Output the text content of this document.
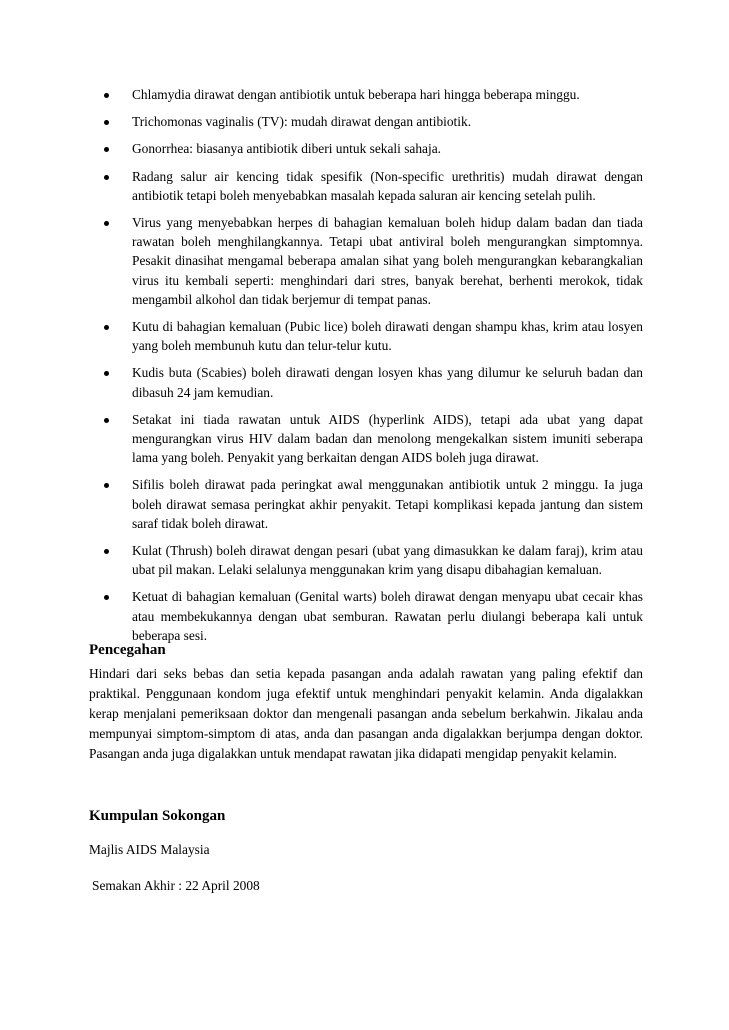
Chlamydia dirawat dengan antibiotik untuk beberapa hari hingga beberapa minggu.
Trichomonas vaginalis (TV): mudah dirawat dengan antibiotik.
Gonorrhea: biasanya antibiotik diberi untuk sekali sahaja.
Radang salur air kencing tidak spesifik (Non-specific urethritis) mudah dirawat dengan antibiotik tetapi boleh menyebabkan masalah kepada saluran air kencing setelah pulih.
Virus yang menyebabkan herpes di bahagian kemaluan boleh hidup dalam badan dan tiada rawatan boleh menghilangkannya. Tetapi ubat antiviral boleh mengurangkan simptomnya. Pesakit dinasihat mengamal beberapa amalan sihat yang boleh mengurangkan kebarangkalian virus itu kembali seperti: menghindari dari stres, banyak berehat, berhenti merokok, tidak mengambil alkohol dan tidak berjemur di tempat panas.
Kutu di bahagian kemaluan (Pubic lice) boleh dirawati dengan shampu khas, krim atau losyen yang boleh membunuh kutu dan telur-telur kutu.
Kudis buta (Scabies) boleh dirawati dengan losyen khas yang dilumur ke seluruh badan dan dibasuh 24 jam kemudian.
Setakat ini tiada rawatan untuk AIDS (hyperlink AIDS), tetapi ada ubat yang dapat mengurangkan virus HIV dalam badan dan menolong mengekalkan sistem imuniti seberapa lama yang boleh. Penyakit yang berkaitan dengan AIDS boleh juga dirawat.
Sifilis boleh dirawat pada peringkat awal menggunakan antibiotik untuk 2 minggu. Ia juga boleh dirawat semasa peringkat akhir penyakit. Tetapi komplikasi kepada jantung dan sistem saraf tidak boleh dirawat.
Kulat (Thrush) boleh dirawat dengan pesari (ubat yang dimasukkan ke dalam faraj), krim atau ubat pil makan. Lelaki selalunya menggunakan krim yang disapu dibahagian kemaluan.
Ketuat di bahagian kemaluan (Genital warts) boleh dirawat dengan menyapu ubat cecair khas atau membekukannya dengan ubat semburan. Rawatan perlu diulangi beberapa kali untuk beberapa sesi.
Pencegahan

Hindari dari seks bebas dan setia kepada pasangan anda adalah rawatan yang paling efektif dan praktikal. Penggunaan kondom juga efektif untuk menghindari penyakit kelamin. Anda digalakkan kerap menjalani pemeriksaan doktor dan mengenali pasangan anda sebelum berkahwin. Jikalau anda mempunyai simptom-simptom di atas, anda dan pasangan anda digalakkan berjumpa dengan doktor. Pasangan anda juga digalakkan untuk mendapat rawatan jika didapati mengidap penyakit kelamin.

Kumpulan Sokongan

Majlis AIDS Malaysia

Semakan Akhir : 22 April 2008
